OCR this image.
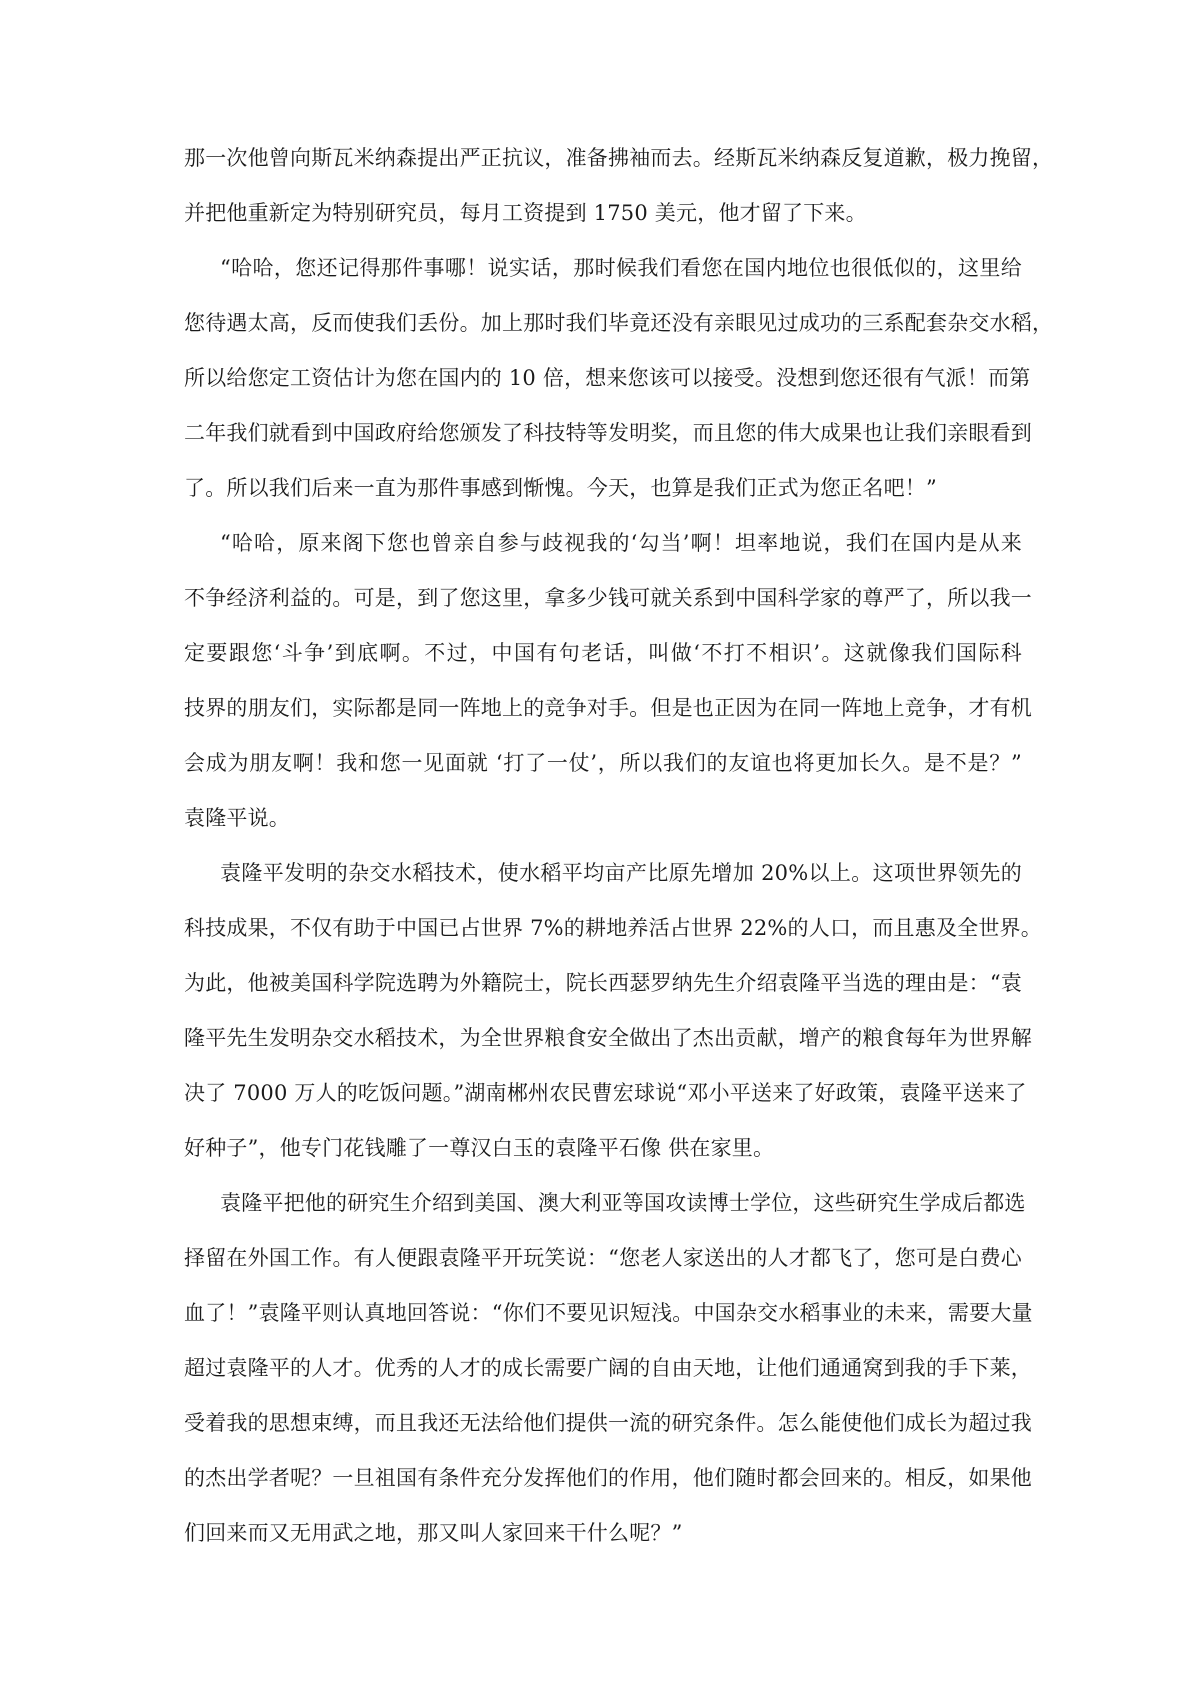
那一次他曾向斯瓦米纳森提出严正抗议，准备拂袖而去。经斯瓦米纳森反复道歉，极力挽留，
并把他重新定为特别研究员，每月工资提到 1750 美元，他才留了下来。
“哈哈，您还记得那件事哪！说实话，那时候我们看您在国内地位也很低似的，这里给
您待遇太高，反而使我们丢份。加上那时我们毕竟还没有亲眼见过成功的三系配套杂交水稻，
所以给您定工资估计为您在国内的 10 倍，想来您该可以接受。没想到您还很有气派！而第
二年我们就看到中国政府给您颁发了科技特等发明奖，而且您的伟大成果也让我们亲眼看到
了。所以我们后来一直为那件事感到惭愧。今天，也算是我们正式为您正名吧！”
“哈哈，原来阁下您也曾亲自参与歧视我的‘勾当’啊！坦率地说，我们在国内是从来
不争经济利益的。可是，到了您这里，拿多少钱可就关系到中国科学家的尊严了，所以我一
定要跟您‘斗争’到底啊。不过，中国有句老话，叫做‘不打不相识’。这就像我们国际科
技界的朋友们，实际都是同一阵地上的竞争对手。但是也正因为在同一阵地上竞争，才有机
会成为朋友啊！我和您一见面就 ‘打了一仗’，所以我们的友谊也将更加长久。是不是？”
袁隆平说。
袁隆平发明的杂交水稻技术，使水稻平均亩产比原先增加 20%以上。这项世界领先的
科技成果，不仅有助于中国已占世界 7%的耕地养活占世界 22%的人口，而且惠及全世界。
为此，他被美国科学院选聘为外籍院士，院长西瑟罗纳先生介绍袁隆平当选的理由是：“袁
隆平先生发明杂交水稻技术，为全世界粮食安全做出了杰出贡献，增产的粮食每年为世界解
决了 7000 万人的吃饭问题。”湖南郴州农民曹宏球说“邓小平送来了好政策，袁隆平送来了
好种子”，他专门花钱雕了一尊汉白玉的袁隆平石像 供在家里。
袁隆平把他的研究生介绍到美国、澳大利亚等国攻读博士学位，这些研究生学成后都选
择留在外国工作。有人便跟袁隆平开玩笑说：“您老人家送出的人才都飞了，您可是白费心
血了！”袁隆平则认真地回答说：“你们不要见识短浅。中国杂交水稻事业的未来，需要大量
超过袁隆平的人才。优秀的人才的成长需要广阔的自由天地，让他们通通窝到我的手下莱，
受着我的思想束缚，而且我还无法给他们提供一流的研究条件。怎么能使他们成长为超过我
的杰出学者呢？一旦祖国有条件充分发挥他们的作用，他们随时都会回来的。相反，如果他
们回来而又无用武之地，那又叫人家回来干什么呢？”
